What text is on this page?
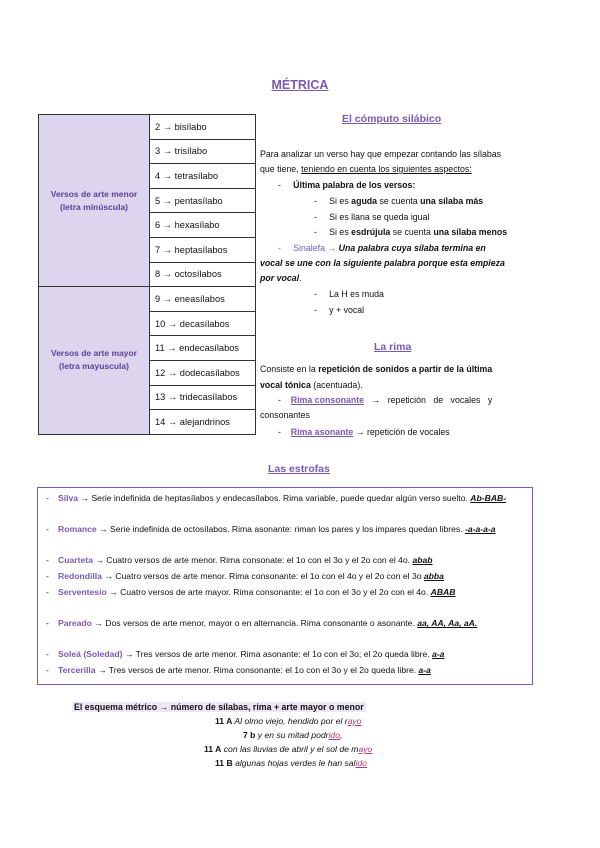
MÉTRICA
Versos de arte menor (letra minúscula)	2 → bisílabo
	3 → trisílabo
	4 → tetrasílabo
	5 → pentasílabo
	6 → hexasílabo
	7 → heptasílabos
	8 → octosílabos
Versos de arte mayor (letra mayuscula)	9 → eneasílabos
	10 → decasílabos
	11 → endecasílabos
	12 → dodecasílabos
	13 → tridecasílabos
	14 → alejandrinos
El cómputo silábico
Para analizar un verso hay que empezar contando las sílabas
que tiene, teniendo en cuenta los siguientes aspectos:
-     Última palabra de los versos:
-     Si es aguda se cuenta una sílaba más
-     Si es llana se queda igual
-     Si es esdrújula se cuenta una sílaba menos
- Sinalefa → Una palabra cuya sílaba termina en
vocal se une con la siguiente palabra porque esta empieza
por vocal.
-     La H es muda
-     y + vocal
La rima
Consiste en la repetición de sonidos a partir de la última
vocal tónica (acentuada).
-    Rima consonante → repetición de vocales y
consonantes
-    Rima asonante → repetición de vocales
Las estrofas
- Silva → Serie indefinida de heptasílabos y endecasílabos. Rima variable, puede quedar algún verso suelto. Ab-BAB-
- Romance → Serie indefinida de octosílabos. Rima asonante: riman los pares y los impares quedan libres. -a-a-a-a
- Cuarteta → Cuatro versos de arte menor. Rima consonate: el 1o con el 3o y el 2o con el 4o. abab
- Redondilla → Cuatro versos de arte menor. Rima consonante: el 1o con el 4o y el 2o con el 3o abba
- Serventesio → Cuatro versos de arte mayor. Rima consonante: el 1o con el 3o y el 2o con el 4o. ABAB
- Pareado → Dos versos de arte menor, mayor o en alternancia. Rima consonante o asonante. aa, AA, Aa, aA.
- Soleá (Soledad) → Tres versos de arte menor. Rima asonante: el 1o con el 3o; el 2o queda libre. a-a
- Tercerilla → Tres versos de arte menor. Rima consonante: el 1o con el 3o y el 2o queda libre. a-a
El esquema métrico → número de sílabas, rima + arte mayor o menor
11 A Al olmo viejo, hendido por el rayo
7 b y en su mitad podrido,
11 A con las lluvias de abril y el sol de mayo
11 B algunas hojas verdes le han salido
